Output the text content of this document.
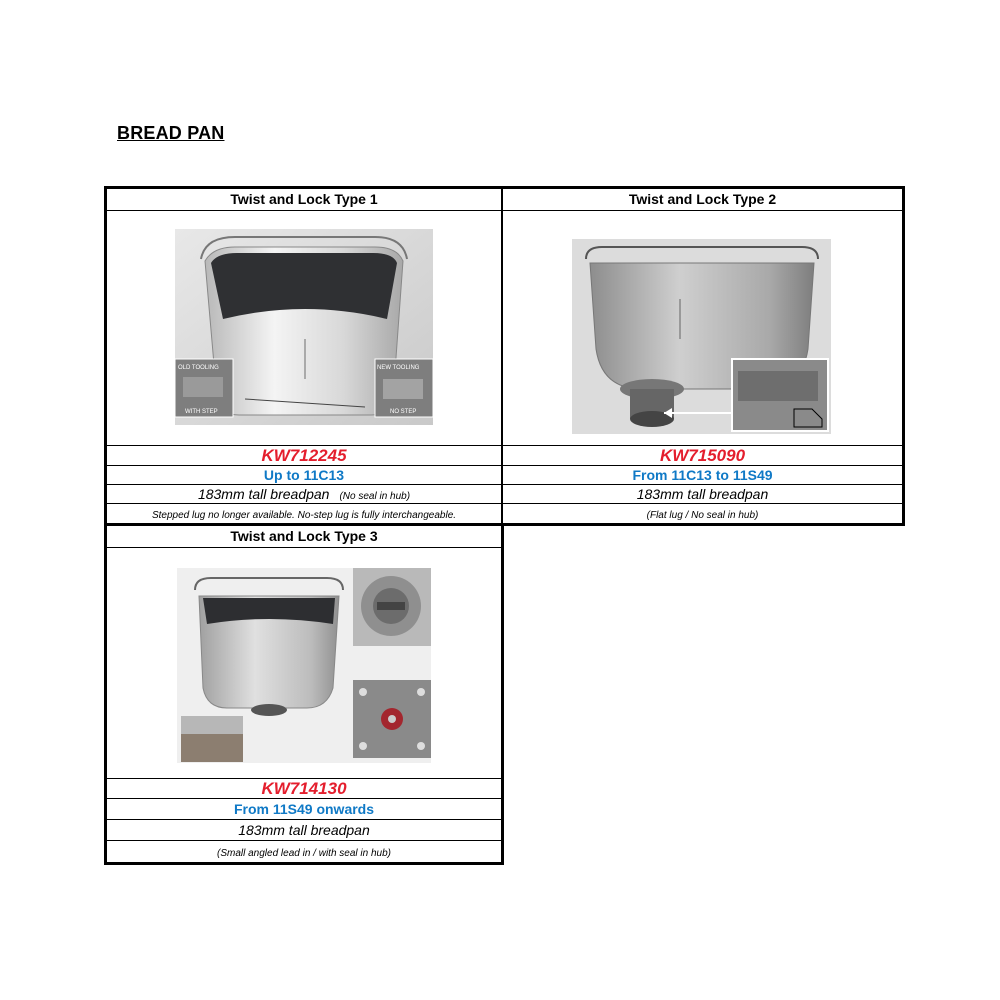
BREAD PAN
Twist and Lock Type 1
OLD TOOLING
WITH STEP
NEW TOOLING
NO STEP
KW712245
Up to 11C13
183mm tall breadpan (No seal in hub)
Stepped lug no longer available. No-step lug is fully interchangeable.
Twist and Lock Type 2
KW715090
From 11C13 to 11S49
183mm tall breadpan
(Flat lug / No seal in hub)
Twist and Lock Type 3
KW714130
From 11S49 onwards
183mm tall breadpan
(Small angled lead in / with seal in hub)
